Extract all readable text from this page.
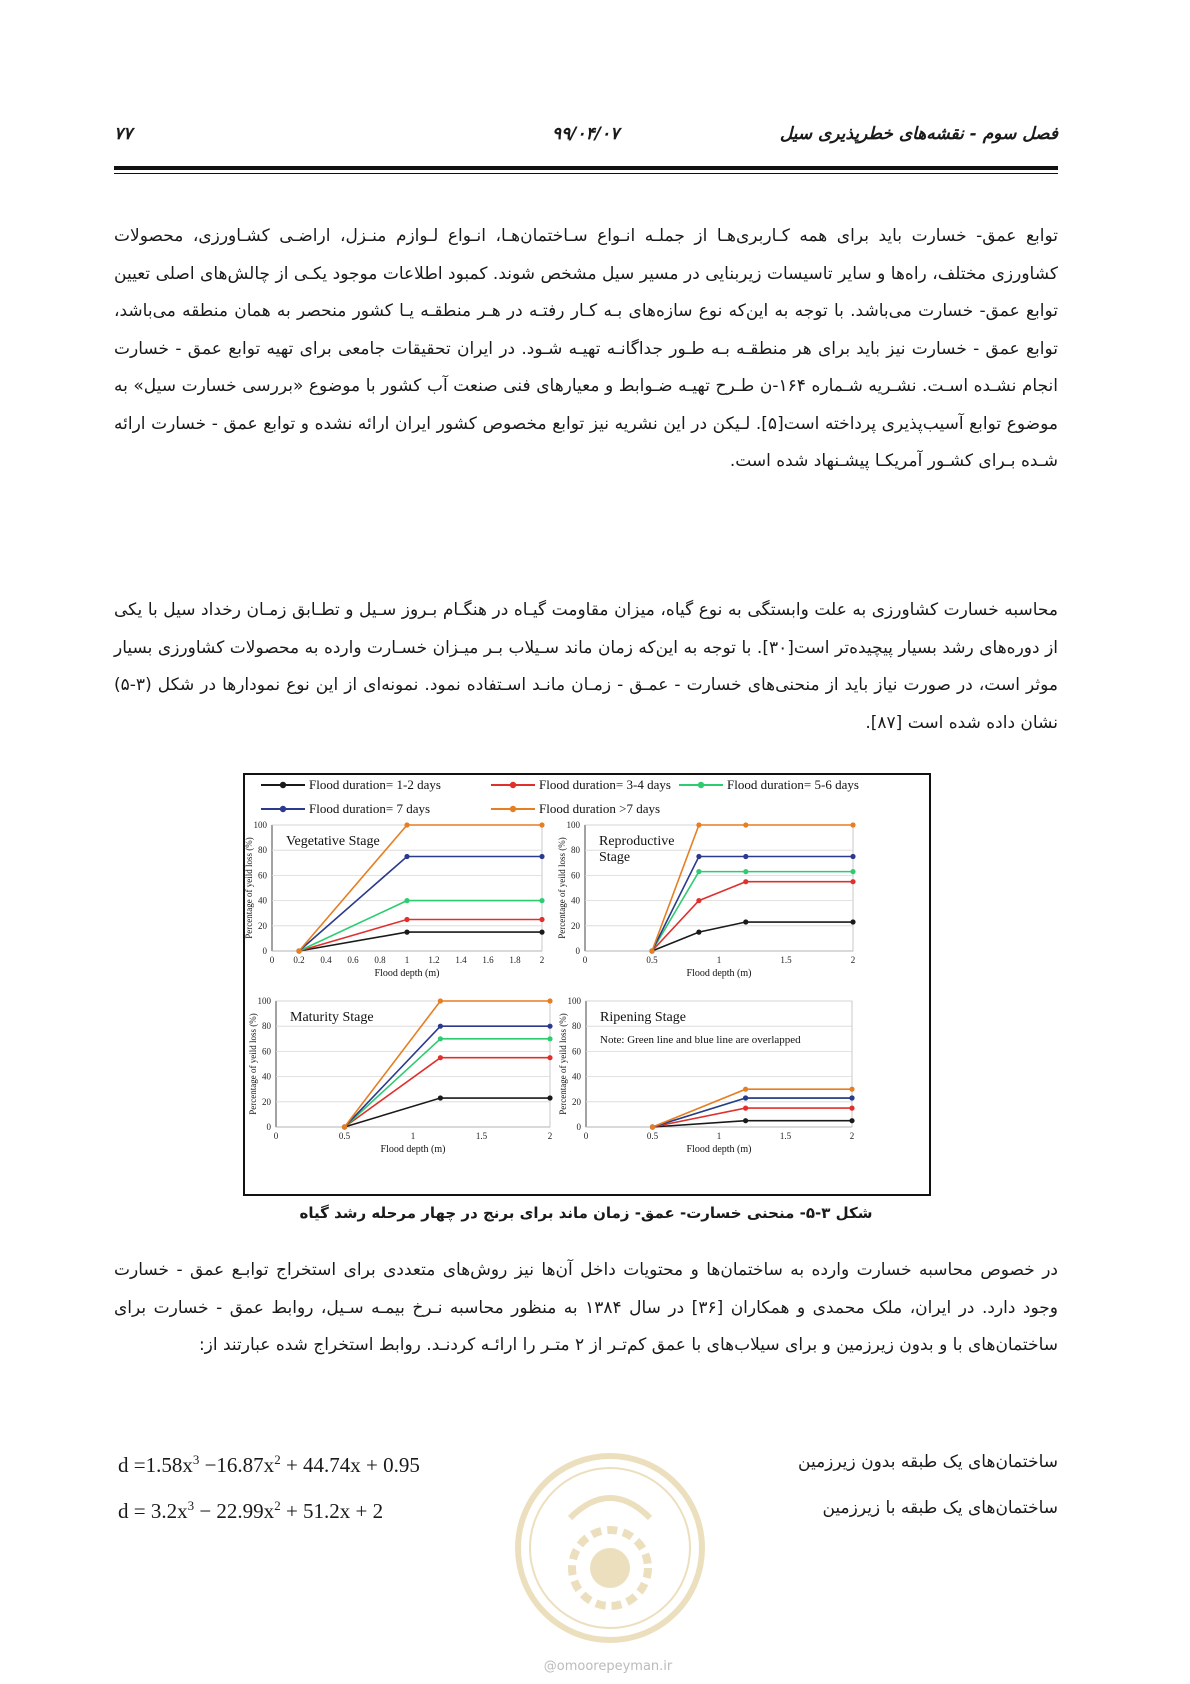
فصل سوم - نقشه‌های خطرپذیری سیل
۹۹/۰۴/۰۷
۷۷

توابع عمق- خسارت باید برای همه کـاربری‌هـا از جملـه انـواع سـاختمان‌هـا، انـواع لـوازم منـزل، اراضـی کشـاورزی، محصولات کشاورزی مختلف، راه‌ها و سایر تاسیسات زیربنایی در مسیر سیل مشخص شوند. کمبود اطلاعات موجود یکـی از چالش‌های اصلی تعیین توابع عمق- خسارت می‌باشد. با توجه به این‌که نوع سازه‌های بـه کـار رفتـه در هـر منطقـه یـا کشور منحصر به همان منطقه می‌باشد، توابع عمق - خسارت نیز باید برای هر منطقـه بـه طـور جداگانـه تهیـه شـود. در ایران تحقیقات جامعی برای تهیه توابع عمق - خسارت انجام نشـده اسـت. نشـریه شـماره ۱۶۴-ن طـرح تهیـه ضـوابط و معیارهای فنی صنعت آب کشور با موضوع «بررسی خسارت سیل» به موضوع توابع آسیب‌پذیری پرداخته است[۵]. لـیکن در این نشریه نیز توابع مخصوص کشور ایران ارائه نشده و توابع عمق - خسارت ارائه شـده بـرای کشـور آمریکـا پیشـنهاد شده است.

محاسبه خسارت کشاورزی به علت وابستگی به نوع گیاه، میزان مقاومت گیـاه در هنگـام بـروز سـیل و تطـابق زمـان رخداد سیل با یکی از دوره‌های رشد بسیار پیچیده‌تر است[۳۰]. با توجه به این‌که زمان ماند سـیلاب بـر میـزان خسـارت وارده به محصولات کشاورزی بسیار موثر است، در صورت نیاز باید از منحنی‌های خسارت - عمـق - زمـان مانـد اسـتفاده نمود. نمونه‌ای از این نوع نمودارها در شکل (۳-۵) نشان داده شده است [۸۷].

Flood duration= 1-2 days	Flood duration= 3-4 days	Flood duration= 5-6 days
Flood duration= 7 days	Flood duration >7 days
0
20
40
60
80
100
0 0.2 0.4 0.6 0.8 1 1.2 1.4 1.6 1.8 2
Flood depth (m)
Percentage of yeild loss (%) Vegetative Stage
0
20
40
60
80
100
0	0.5	1	1.5	2
Flood depth (m)
Percentage of yeild loss (%) Reproductive
Stage
0
20
40
60
80
100
0	0.5	1	1.5	2
Flood depth (m)
Percentage of yeild loss (%) Maturity Stage
0
20
40
60
80
100
0	0.5	1	1.5	2
Flood depth (m)
Percentage of yeild loss (%) Ripening Stage
Note: Green line and blue line are overlapped
شکل ۳-۵- منحنی خسارت- عمق- زمان ماند برای برنج در چهار مرحله رشد گیاه

در خصوص محاسبه خسارت وارده به ساختمان‌ها و محتویات داخل آن‌ها نیز روش‌های متعددی برای استخراج توابـع عمق - خسارت وجود دارد. در ایران، ملک محمدی و همکاران [۳۶] در سال ۱۳۸۴ به منظور محاسبه نـرخ بیمـه سـیل، روابط عمق - خسارت برای ساختمان‌های با و بدون زیرزمین و برای سیلاب‌های با عمق کم‌تـر از ۲ متـر را ارائـه کردنـد. روابط استخراج شده عبارتند از:

ساختمان‌های یک طبقه بدون زیرزمین
$d =1.58x^3 -16.87x^2 + 44.74x + 0.95$
ساختمان‌های یک طبقه با زیرزمین
$d = 3.2x^3 - 22.99x^2 + 51.2x + 2$
@omoorepeyman.ir
